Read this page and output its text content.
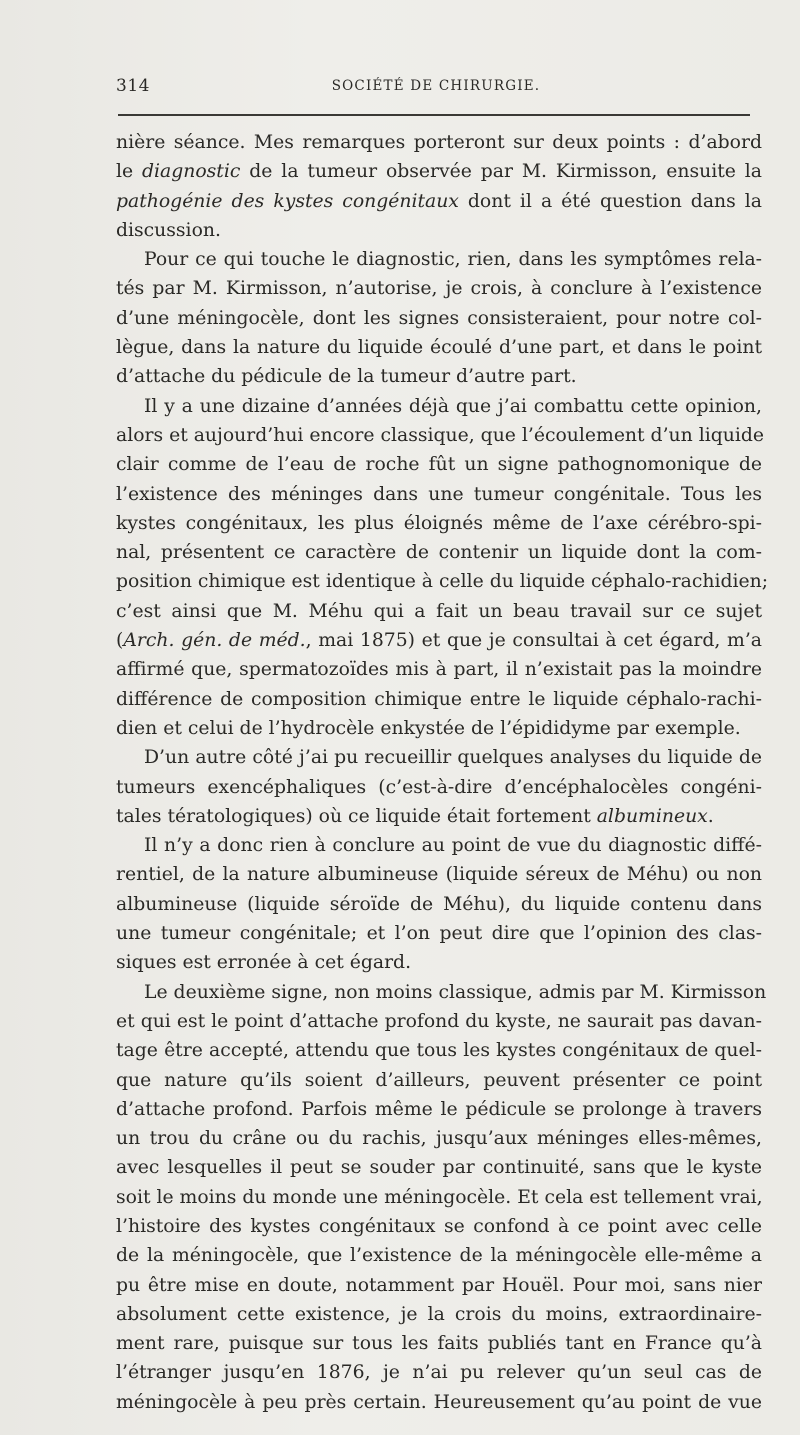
314	SOCIÉTÉ DE CHIRURGIE.
nière séance. Mes remarques porteront sur deux points : d’abord
le diagnostic de la tumeur observée par M. Kirmisson, ensuite la
pathogénie des kystes congénitaux dont il a été question dans la
discussion.
Pour ce qui touche le diagnostic, rien, dans les symptômes rela-
tés par M. Kirmisson, n’autorise, je crois, à conclure à l’existence
d’une méningocèle, dont les signes consisteraient, pour notre col-
lègue, dans la nature du liquide écoulé d’une part, et dans le point
d’attache du pédicule de la tumeur d’autre part.
Il y a une dizaine d’années déjà que j’ai combattu cette opinion,
alors et aujourd’hui encore classique, que l’écoulement d’un liquide
clair comme de l’eau de roche fût un signe pathognomonique de
l’existence des méninges dans une tumeur congénitale. Tous les
kystes congénitaux, les plus éloignés même de l’axe cérébro-spi-
nal, présentent ce caractère de contenir un liquide dont la com-
position chimique est identique à celle du liquide céphalo-rachidien;
c’est ainsi que M. Méhu qui a fait un beau travail sur ce sujet
(Arch. gén. de méd., mai 1875) et que je consultai à cet égard, m’a
affirmé que, spermatozoïdes mis à part, il n’existait pas la moindre
différence de composition chimique entre le liquide céphalo-rachi-
dien et celui de l’hydrocèle enkystée de l’épididyme par exemple.
D’un autre côté j’ai pu recueillir quelques analyses du liquide de
tumeurs exencéphaliques (c’est-à-dire d’encéphalocèles congéni-
tales tératologiques) où ce liquide était fortement albumineux.
Il n’y a donc rien à conclure au point de vue du diagnostic diffé-
rentiel, de la nature albumineuse (liquide séreux de Méhu) ou non
albumineuse (liquide séroïde de Méhu), du liquide contenu dans
une tumeur congénitale; et l’on peut dire que l’opinion des clas-
siques est erronée à cet égard.
Le deuxième signe, non moins classique, admis par M. Kirmisson
et qui est le point d’attache profond du kyste, ne saurait pas davan-
tage être accepté, attendu que tous les kystes congénitaux de quel-
que nature qu’ils soient d’ailleurs, peuvent présenter ce point
d’attache profond. Parfois même le pédicule se prolonge à travers
un trou du crâne ou du rachis, jusqu’aux méninges elles-mêmes,
avec lesquelles il peut se souder par continuité, sans que le kyste
soit le moins du monde une méningocèle. Et cela est tellement vrai,
l’histoire des kystes congénitaux se confond à ce point avec celle
de la méningocèle, que l’existence de la méningocèle elle-même a
pu être mise en doute, notamment par Houël. Pour moi, sans nier
absolument cette existence, je la crois du moins, extraordinaire-
ment rare, puisque sur tous les faits publiés tant en France qu’à
l’étranger jusqu’en 1876, je n’ai pu relever qu’un seul cas de
méningocèle à peu près certain. Heureusement qu’au point de vue
